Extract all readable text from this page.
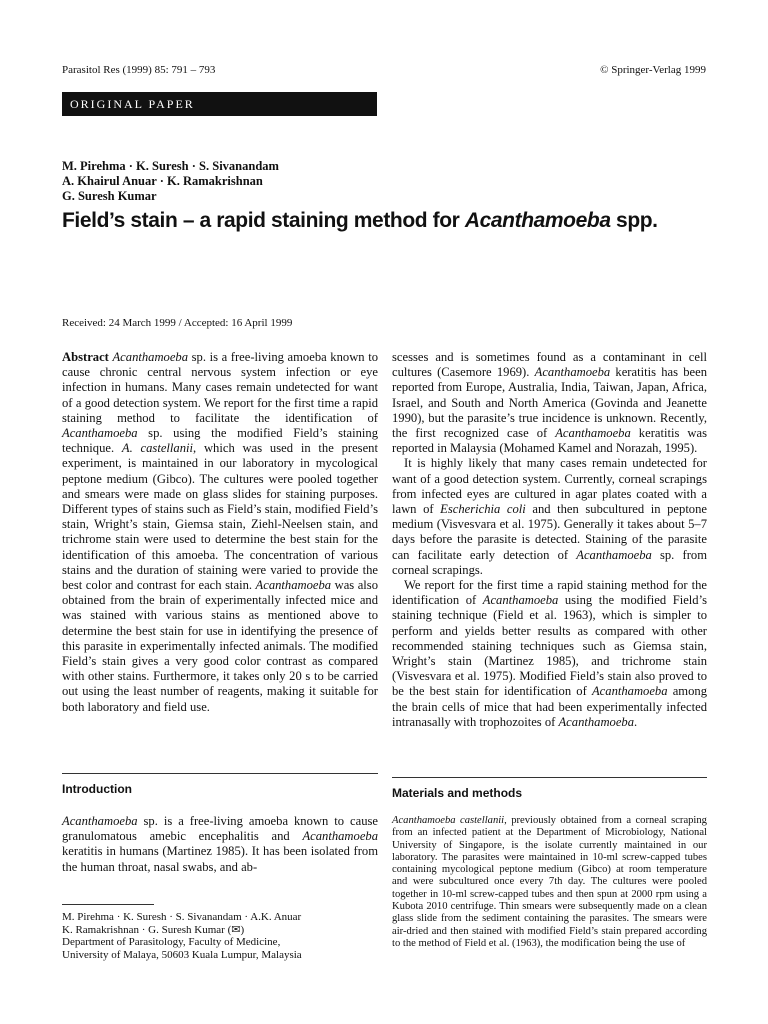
Parasitol Res (1999) 85: 791 – 793	© Springer-Verlag 1999
ORIGINAL PAPER
M. Pirehma · K. Suresh · S. Sivanandam
A. Khairul Anuar · K. Ramakrishnan
G. Suresh Kumar
Field’s stain – a rapid staining method for Acanthamoeba spp.
Received: 24 March 1999 / Accepted: 16 April 1999

Abstract Acanthamoeba sp. is a free-living amoeba known to cause chronic central nervous system infection or eye infection in humans. Many cases remain undetected for want of a good detection system. We report for the first time a rapid staining method to facilitate the identification of Acanthamoeba sp. using the modified Field’s staining technique. A. castellanii, which was used in the present experiment, is maintained in our laboratory in mycological peptone medium (Gibco). The cultures were pooled together and smears were made on glass slides for staining purposes. Different types of stains such as Field’s stain, modified Field’s stain, Wright’s stain, Giemsa stain, Ziehl-Neelsen stain, and trichrome stain were used to determine the best stain for the identification of this amoeba. The concentration of various stains and the duration of staining were varied to provide the best color and contrast for each stain. Acanthamoeba was also obtained from the brain of experimentally infected mice and was stained with various stains as mentioned above to determine the best stain for use in identifying the presence of this parasite in experimentally infected animals. The modified Field’s stain gives a very good color contrast as compared with other stains. Furthermore, it takes only 20 s to be carried out using the least number of reagents, making it suitable for both laboratory and field use.

scesses and is sometimes found as a contaminant in cell cultures (Casemore 1969). Acanthamoeba keratitis has been reported from Europe, Australia, India, Taiwan, Japan, Africa, Israel, and South and North America (Govinda and Jeanette 1990), but the parasite’s true incidence is unknown. Recently, the first recognized case of Acanthamoeba keratitis was reported in Malaysia (Mohamed Kamel and Norazah, 1995).

It is highly likely that many cases remain undetected for want of a good detection system. Currently, corneal scrapings from infected eyes are cultured in agar plates coated with a lawn of Escherichia coli and then subcultured in peptone medium (Visvesvara et al. 1975). Generally it takes about 5–7 days before the parasite is detected. Staining of the parasite can facilitate early detection of Acanthamoeba sp. from corneal scrapings.

We report for the first time a rapid staining method for the identification of Acanthamoeba using the modified Field’s staining technique (Field et al. 1963), which is simpler to perform and yields better results as compared with other recommended staining techniques such as Giemsa stain, Wright’s stain (Martinez 1985), and trichrome stain (Visvesvara et al. 1975). Modified Field’s stain also proved to be the best stain for identification of Acanthamoeba among the brain cells of mice that had been experimentally infected intranasally with trophozoites of Acanthamoeba.

Introduction

Acanthamoeba sp. is a free-living amoeba known to cause granulomatous amebic encephalitis and Acanthamoeba keratitis in humans (Martinez 1985). It has been isolated from the human throat, nasal swabs, and ab-

M. Pirehma · K. Suresh · S. Sivanandam · A.K. Anuar
K. Ramakrishnan · G. Suresh Kumar (✉)
Department of Parasitology, Faculty of Medicine,
University of Malaya, 50603 Kuala Lumpur, Malaysia
Materials and methods

Acanthamoeba castellanii, previously obtained from a corneal scraping from an infected patient at the Department of Microbiology, National University of Singapore, is the isolate currently maintained in our laboratory. The parasites were maintained in 10-ml screw-capped tubes containing mycological peptone medium (Gibco) at room temperature and were subcultured once every 7th day. The cultures were pooled together in 10-ml screw-capped tubes and then spun at 2000 rpm using a Kubota 2010 centrifuge. Thin smears were subsequently made on a clean glass slide from the sediment containing the parasites. The smears were air-dried and then stained with modified Field’s stain prepared according to the method of Field et al. (1963), the modification being the use of
